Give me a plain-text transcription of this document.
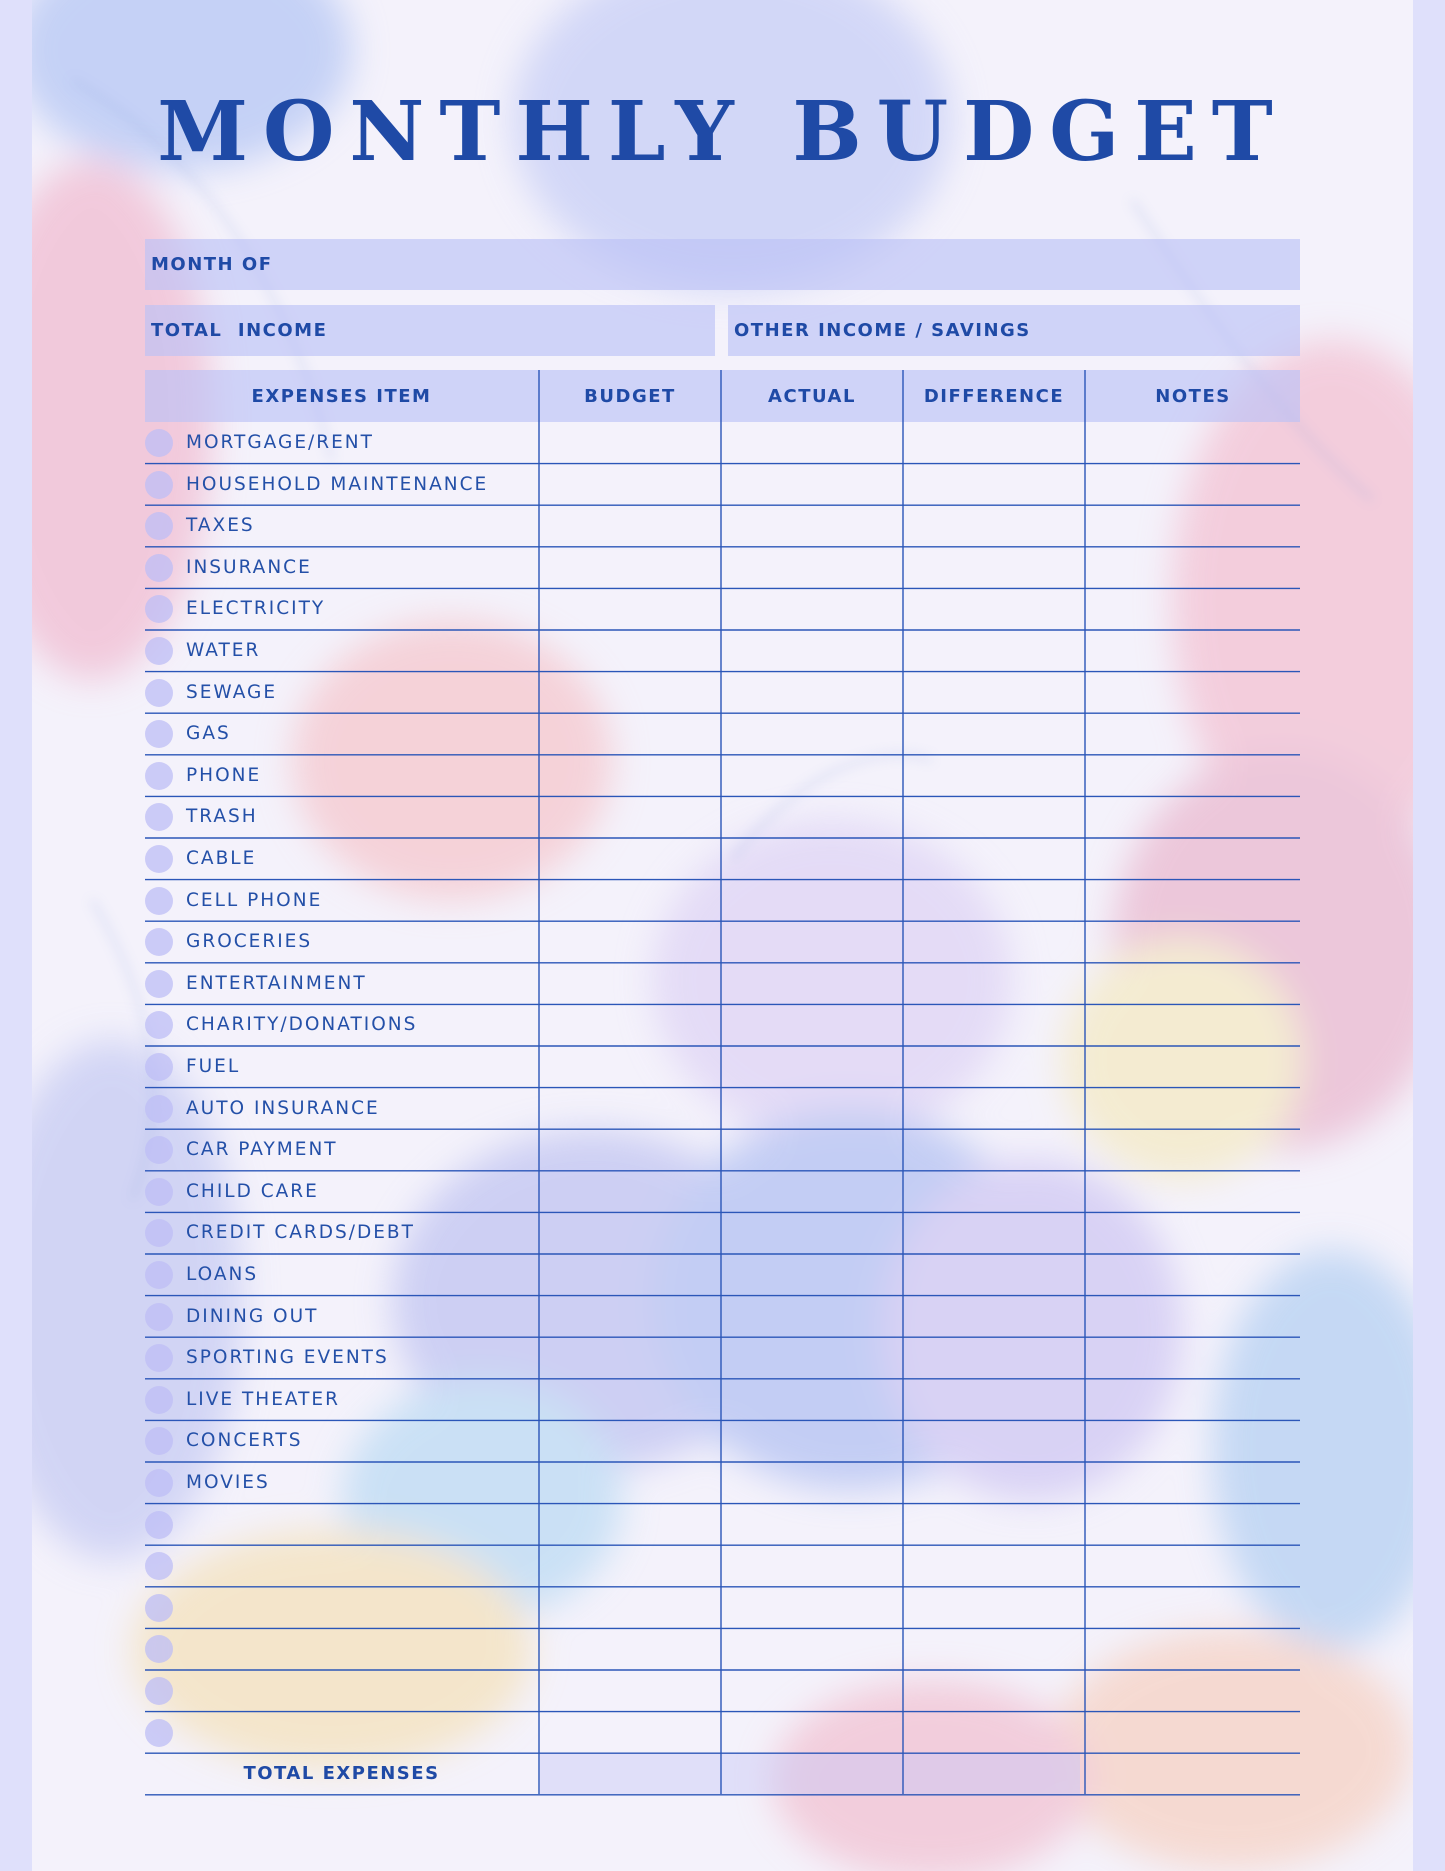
MONTHLY BUDGET
MONTH OF
TOTAL  INCOME	OTHER INCOME / SAVINGS
EXPENSES ITEM	BUDGET	ACTUAL	DIFFERENCE	NOTES
MORTGAGE/RENT
HOUSEHOLD MAINTENANCE
TAXES
INSURANCE
ELECTRICITY
WATER
SEWAGE
GAS
PHONE
TRASH
CABLE
CELL PHONE
GROCERIES
ENTERTAINMENT
CHARITY/DONATIONS
FUEL
AUTO INSURANCE
CAR PAYMENT
CHILD CARE
CREDIT CARDS/DEBT
LOANS
DINING OUT
SPORTING EVENTS
LIVE THEATER
CONCERTS
MOVIES
TOTAL EXPENSES
